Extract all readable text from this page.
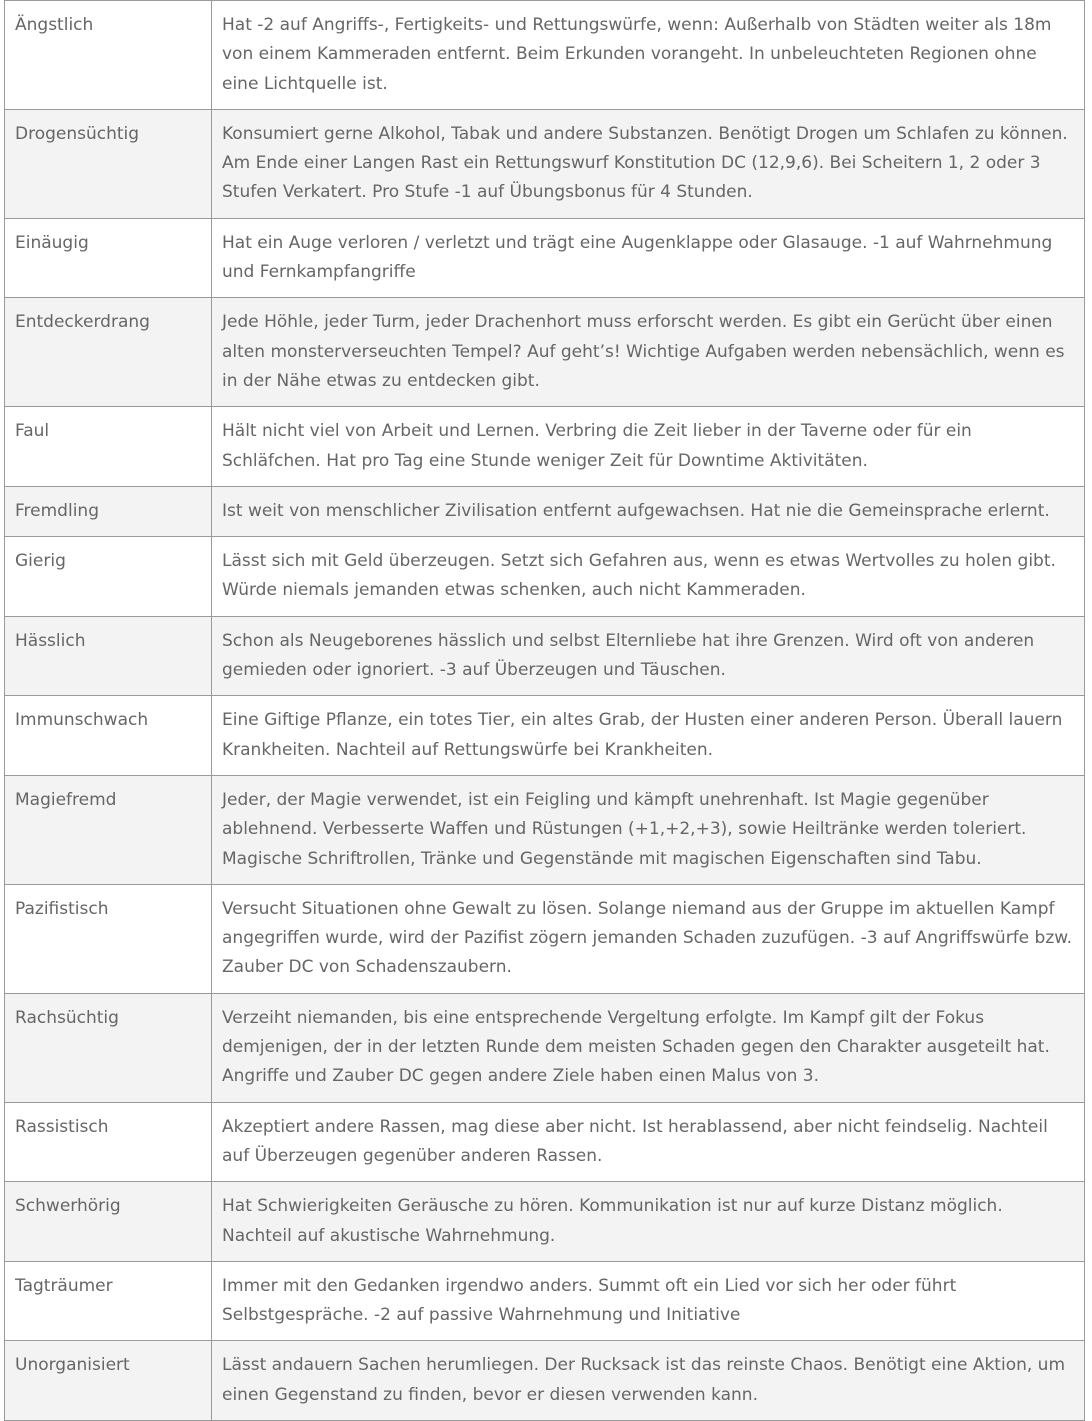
Ängstlich	Hat -2 auf Angriffs-, Fertigkeits- und Rettungswürfe, wenn: Außerhalb von Städten weiter als 18m von einem Kammeraden entfernt. Beim Erkunden vorangeht. In unbeleuchteten Regionen ohne eine Lichtquelle ist.
Drogensüchtig	Konsumiert gerne Alkohol, Tabak und andere Substanzen. Benötigt Drogen um Schlafen zu können. Am Ende einer Langen Rast ein Rettungswurf Konstitution DC (12,9,6). Bei Scheitern 1, 2 oder 3 Stufen Verkatert. Pro Stufe -1 auf Übungsbonus für 4 Stunden.
Einäugig	Hat ein Auge verloren / verletzt und trägt eine Augenklappe oder Glasauge. -1 auf Wahrnehmung und Fernkampfangriffe
Entdeckerdrang	Jede Höhle, jeder Turm, jeder Drachenhort muss erforscht werden. Es gibt ein Gerücht über einen alten monsterverseuchten Tempel? Auf geht’s! Wichtige Aufgaben werden nebensächlich, wenn es in der Nähe etwas zu entdecken gibt.
Faul	Hält nicht viel von Arbeit und Lernen. Verbring die Zeit lieber in der Taverne oder für ein Schläfchen. Hat pro Tag eine Stunde weniger Zeit für Downtime Aktivitäten.
Fremdling	Ist weit von menschlicher Zivilisation entfernt aufgewachsen. Hat nie die Gemeinsprache erlernt.
Gierig	Lässt sich mit Geld überzeugen. Setzt sich Gefahren aus, wenn es etwas Wertvolles zu holen gibt. Würde niemals jemanden etwas schenken, auch nicht Kammeraden.
Hässlich	Schon als Neugeborenes hässlich und selbst Elternliebe hat ihre Grenzen. Wird oft von anderen gemieden oder ignoriert. -3 auf Überzeugen und Täuschen.
Immunschwach	Eine Giftige Pflanze, ein totes Tier, ein altes Grab, der Husten einer anderen Person. Überall lauern Krankheiten. Nachteil auf Rettungswürfe bei Krankheiten.
Magiefremd	Jeder, der Magie verwendet, ist ein Feigling und kämpft unehrenhaft. Ist Magie gegenüber ablehnend. Verbesserte Waffen und Rüstungen (+1,+2,+3), sowie Heiltränke werden toleriert. Magische Schriftrollen, Tränke und Gegenstände mit magischen Eigenschaften sind Tabu.
Pazifistisch	Versucht Situationen ohne Gewalt zu lösen. Solange niemand aus der Gruppe im aktuellen Kampf angegriffen wurde, wird der Pazifist zögern jemanden Schaden zuzufügen. -3 auf Angriffswürfe bzw. Zauber DC von Schadenszaubern.
Rachsüchtig	Verzeiht niemanden, bis eine entsprechende Vergeltung erfolgte. Im Kampf gilt der Fokus demjenigen, der in der letzten Runde dem meisten Schaden gegen den Charakter ausgeteilt hat. Angriffe und Zauber DC gegen andere Ziele haben einen Malus von 3.
Rassistisch	Akzeptiert andere Rassen, mag diese aber nicht. Ist herablassend, aber nicht feindselig. Nachteil auf Überzeugen gegenüber anderen Rassen.
Schwerhörig	Hat Schwierigkeiten Geräusche zu hören. Kommunikation ist nur auf kurze Distanz möglich. Nachteil auf akustische Wahrnehmung.
Tagträumer	Immer mit den Gedanken irgendwo anders. Summt oft ein Lied vor sich her oder führt Selbstgespräche. -2 auf passive Wahrnehmung und Initiative
Unorganisiert	Lässt andauern Sachen herumliegen. Der Rucksack ist das reinste Chaos. Benötigt eine Aktion, um einen Gegenstand zu finden, bevor er diesen verwenden kann.
